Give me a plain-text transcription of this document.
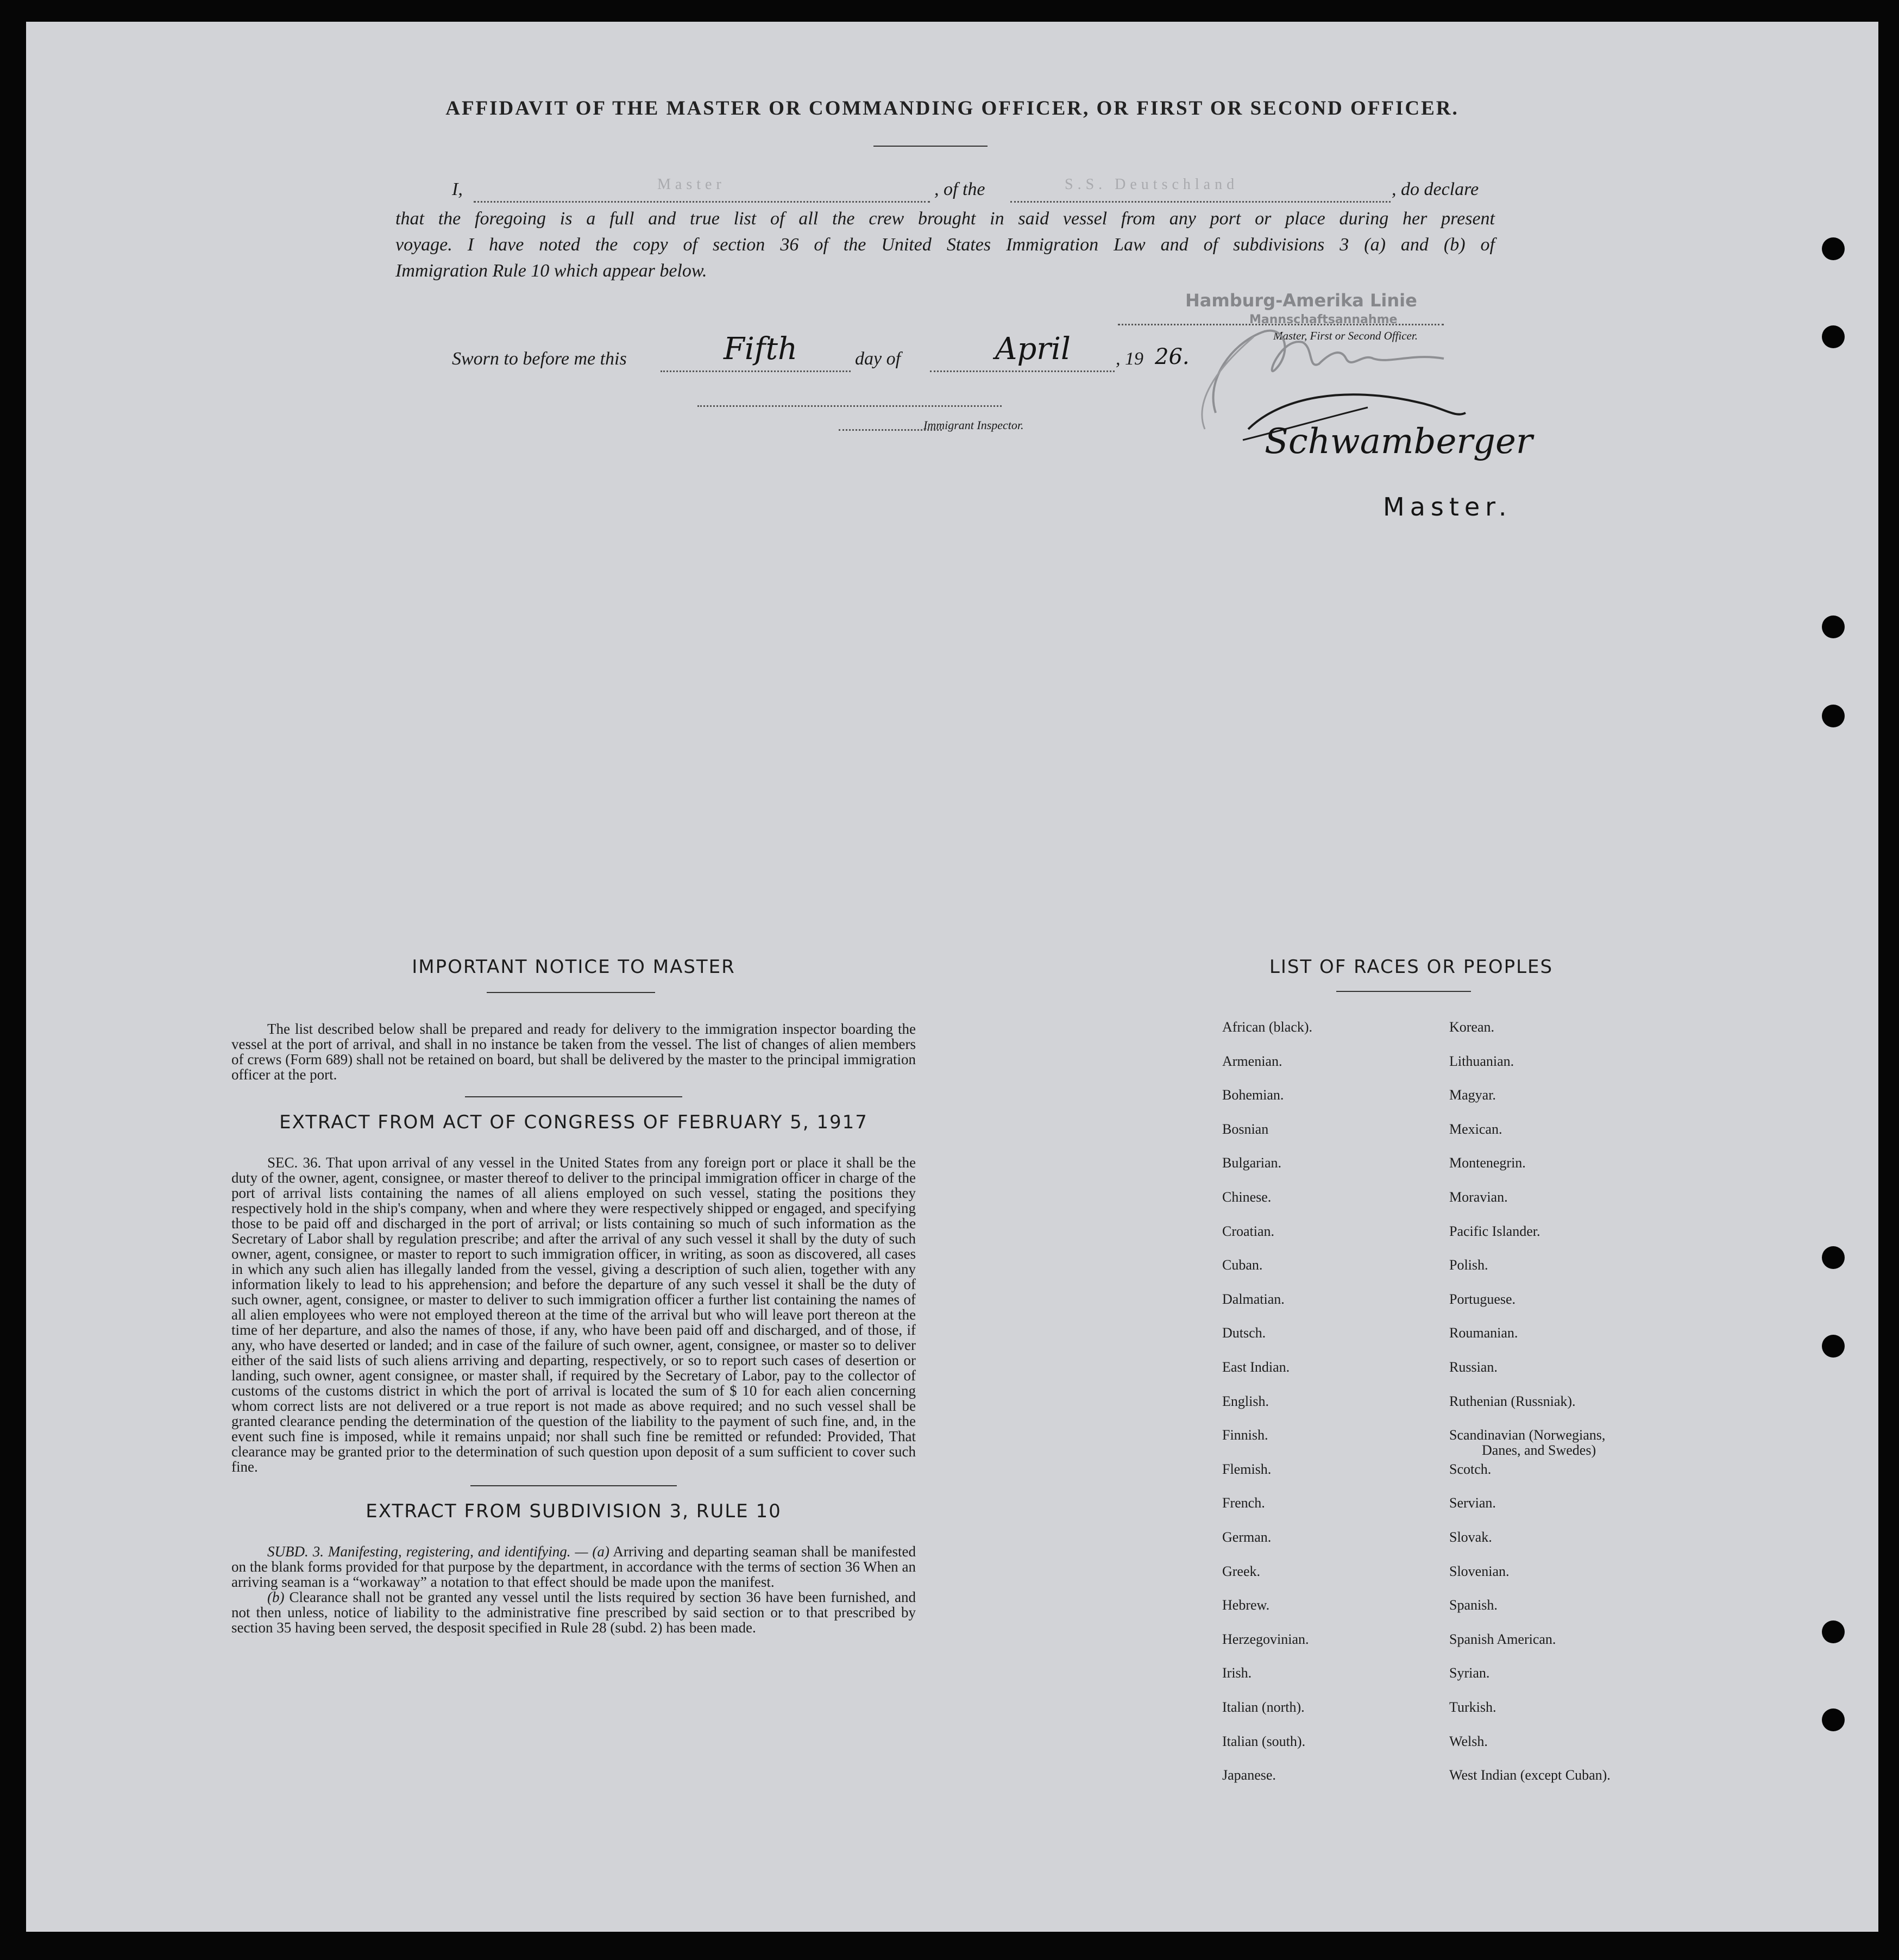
AFFIDAVIT OF THE MASTER OR COMMANDING OFFICER, OR FIRST OR SECOND OFFICER.
I,	Master	, of the	S.S. Deutschland	, do declare
that the foregoing is a full and true list of all the crew brought in said vessel from any port or place during her present
voyage. I have noted the copy of section 36 of the United States Immigration Law and of subdivisions 3 (a) and (b) of
Immigration Rule 10 which appear below.
Hamburg-Amerika Linie
Mannschaftsannahme
Master, First or Second Officer.
Sworn to before me this	Fifth	day of	April , 19 26.
Immigrant Inspector.	Schwamberger
Master.
IMPORTANT NOTICE TO MASTER

The list described below shall be prepared and ready for delivery to the immigration inspector boarding the vessel at the port of arrival, and shall in no instance be taken from the vessel. The list of changes of alien members of crews (Form 689) shall not be retained on board, but shall be delivered by the master to the principal immigration officer at the port.

EXTRACT FROM ACT OF CONGRESS OF FEBRUARY 5, 1917

SEC. 36. That upon arrival of any vessel in the United States from any foreign port or place it shall be the duty of the owner, agent, consignee, or master thereof to deliver to the principal immigration officer in charge of the port of arrival lists containing the names of all aliens employed on such vessel, stating the positions they respectively hold in the ship's company, when and where they were respectively shipped or engaged, and specifying those to be paid off and discharged in the port of arrival; or lists containing so much of such information as the Secretary of Labor shall by regulation prescribe; and after the arrival of any such vessel it shall by the duty of such owner, agent, consignee, or master to report to such immigration officer, in writing, as soon as discovered, all cases in which any such alien has illegally landed from the vessel, giving a description of such alien, together with any information likely to lead to his apprehension; and before the departure of any such vessel it shall be the duty of such owner, agent, consignee, or master to deliver to such immigration officer a further list containing the names of all alien employees who were not employed thereon at the time of the arrival but who will leave port thereon at the time of her departure, and also the names of those, if any, who have been paid off and discharged, and of those, if any, who have deserted or landed; and in case of the failure of such owner, agent, consignee, or master so to deliver either of the said lists of such aliens arriving and departing, respectively, or so to report such cases of desertion or landing, such owner, agent consignee, or master shall, if required by the Secretary of Labor, pay to the collector of customs of the customs district in which the port of arrival is located the sum of $ 10 for each alien concerning whom correct lists are not delivered or a true report is not made as above required; and no such vessel shall be granted clearance pending the determination of the question of the liability to the payment of such fine, and, in the event such fine is imposed, while it remains unpaid; nor shall such fine be remitted or refunded: Provided, That clearance may be granted prior to the determination of such question upon deposit of a sum sufficient to cover such fine.

EXTRACT FROM SUBDIVISION 3, RULE 10

SUBD. 3. Manifesting, registering, and identifying. — (a) Arriving and departing seaman shall be manifested on the blank forms provided for that purpose by the department, in accordance with the terms of section 36 When an arriving seaman is a “workaway” a notation to that effect should be made upon the manifest.

(b) Clearance shall not be granted any vessel until the lists required by section 36 have been furnished, and not then unless, notice of liability to the administrative fine prescribed by said section or to that prescribed by section 35 having been served, the desposit specified in Rule 28 (subd. 2) has been made.

LIST OF RACES OR PEOPLES
African (black).
Armenian.
Bohemian.
Bosnian
Bulgarian.
Chinese.
Croatian.
Cuban.
Dalmatian.
Dutsch.
East Indian.
English.
Finnish.
Flemish.
French.
German.
Greek.
Hebrew.
Herzegovinian.
Irish.
Italian (north).
Italian (south).
Japanese.
Korean.
Lithuanian.
Magyar.
Mexican.
Montenegrin.
Moravian.
Pacific Islander.
Polish.
Portuguese.
Roumanian.
Russian.
Ruthenian (Russniak).
Scandinavian (Norwegians,
Scotch.
Servian.
Slovak.
Slovenian.
Spanish.
Spanish American.
Syrian.
Turkish.
Welsh.
West Indian (except Cuban).
Danes, and Swedes)
